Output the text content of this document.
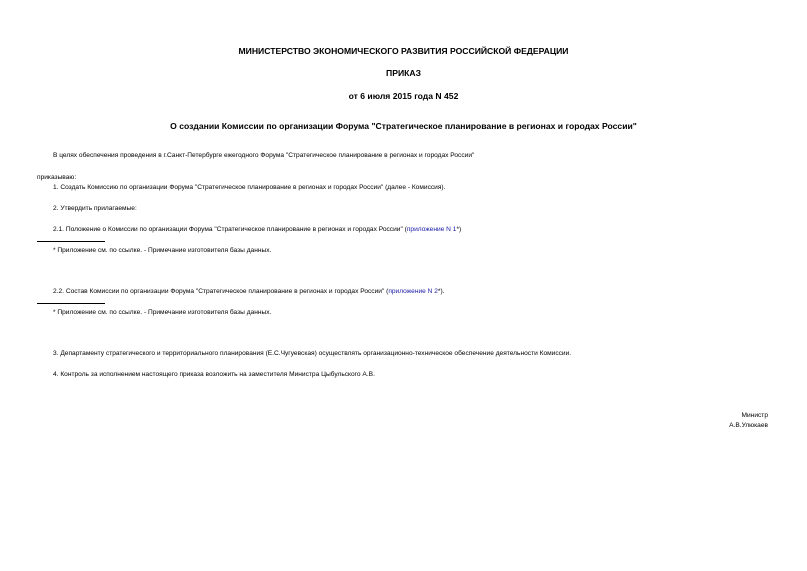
МИНИСТЕРСТВО ЭКОНОМИЧЕСКОГО РАЗВИТИЯ РОССИЙСКОЙ ФЕДЕРАЦИИ
ПРИКАЗ
от 6 июля 2015 года N 452
О создании Комиссии по организации Форума "Стратегическое планирование в регионах и городах России"
В целях обеспечения проведения в г.Санкт-Петербурге ежегодного Форума "Стратегическое планирование в регионах и городах России"
приказываю:
1. Создать Комиссию по организации Форума "Стратегическое планирование в регионах и городах России" (далее - Комиссия).
2. Утвердить прилагаемые:
2.1. Положение о Комиссии по организации Форума "Стратегическое планирование в регионах и городах России" (приложение N 1*)
* Приложение см. по ссылке. - Примечание изготовителя базы данных.
2.2. Состав Комиссии по организации Форума "Стратегическое планирование в регионах и городах России" (приложение N 2*).
* Приложение см. по ссылке. - Примечание изготовителя базы данных.
3. Департаменту стратегического и территориального планирования (Е.С.Чугуевская) осуществлять организационно-техническое обеспечение деятельности Комиссии.
4. Контроль за исполнением настоящего приказа возложить на заместителя Министра Цыбульского А.В.
Министр
А.В.Улюкаев
